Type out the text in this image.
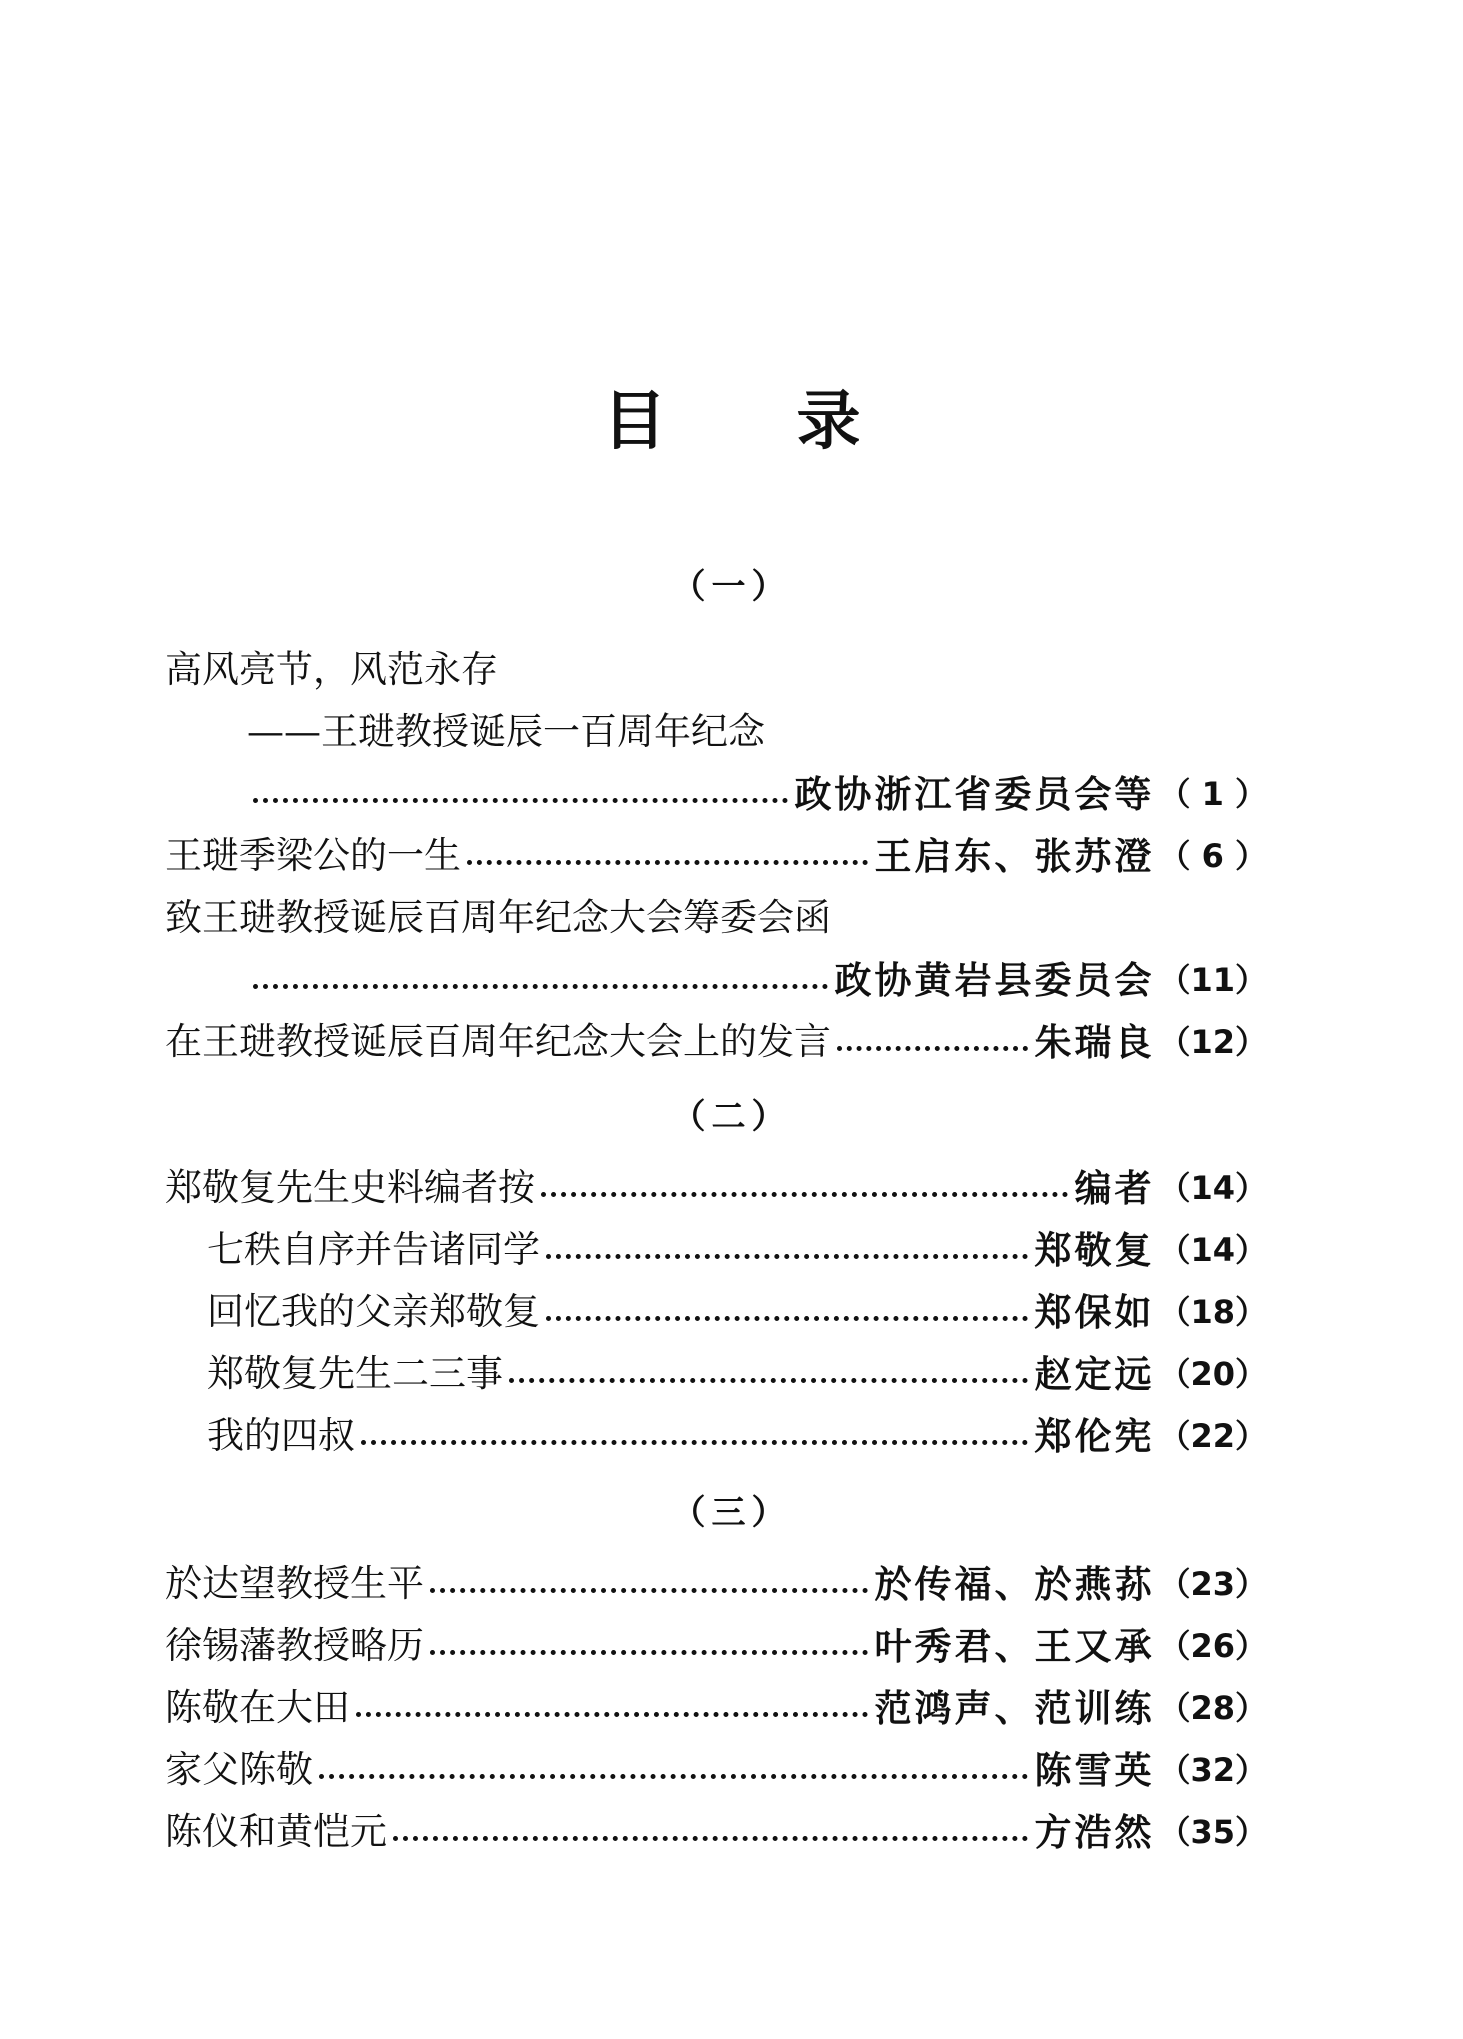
目录
（一）
高风亮节，风范永存
——王琎教授诞辰一百周年纪念
政协浙江省委员会等 （ 1 ）
王琎季梁公的一生	王启东、张苏澄 （ 6 ）
致王琎教授诞辰百周年纪念大会筹委会函
政协黄岩县委员会 （11）
在王琎教授诞辰百周年纪念大会上的发言	朱瑞良 （12）
（二）
郑敬复先生史料编者按	编者 （14）
七秩自序并告诸同学	郑敬复 （14）
回忆我的父亲郑敬复	郑保如 （18）
郑敬复先生二三事	赵定远 （20）
我的四叔	郑伦宪 （22）
（三）
於达望教授生平	於传福、於燕荪 （23）
徐锡藩教授略历	叶秀君、王又承 （26）
陈敬在大田	范鸿声、范训练 （28）
家父陈敬	陈雪英 （32）
陈仪和黄恺元	方浩然 （35）
